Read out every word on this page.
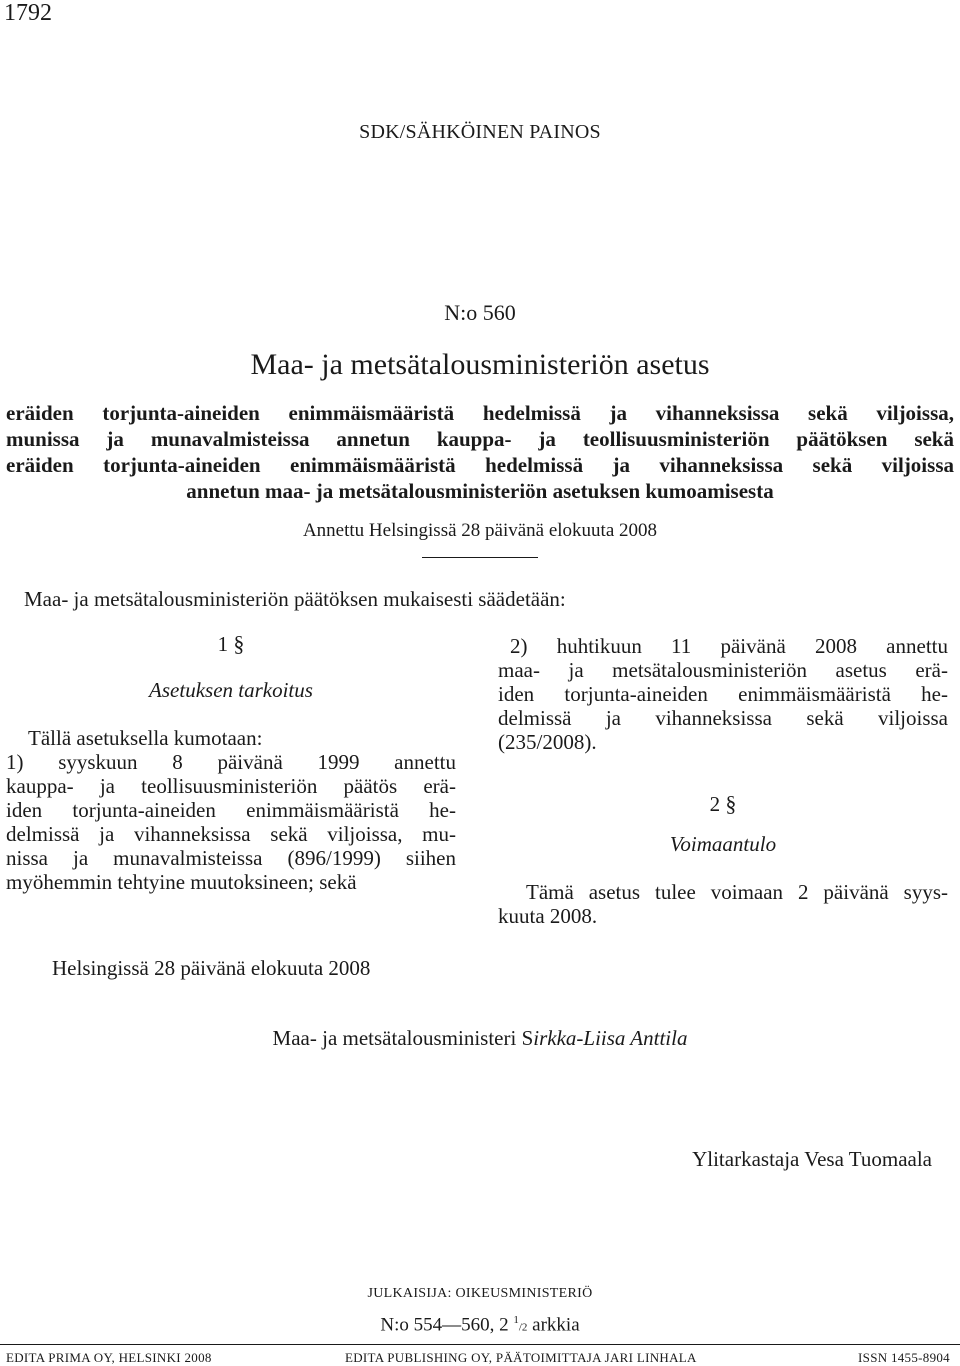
1792
SDK/SÄHKÖINEN PAINOS
N:o 560
Maa- ja metsätalousministeriön asetus
eräiden torjunta-aineiden enimmäismääristä hedelmissä ja vihanneksissa sekä viljoissa,
munissa ja munavalmisteissa annetun kauppa- ja teollisuusministeriön päätöksen sekä
eräiden torjunta-aineiden enimmäismääristä hedelmissä ja vihanneksissa sekä viljoissa
annetun maa- ja metsätalousministeriön asetuksen kumoamisesta
Annettu Helsingissä 28 päivänä elokuuta 2008
Maa- ja metsätalousministeriön päätöksen mukaisesti säädetään:

1 §

Asetuksen tarkoitus

Tällä asetuksella kumotaan:

1) syyskuun 8 päivänä 1999 annettu
kauppa- ja teollisuusministeriön päätös erä-
iden torjunta-aineiden enimmäismääristä he-
delmissä ja vihanneksissa sekä viljoissa, mu-
nissa ja munavalmisteissa (896/1999) siihen
myöhemmin tehtyine muutoksineen; sekä

2) huhtikuun 11 päivänä 2008 annettu
maa- ja metsätalousministeriön asetus erä-
iden torjunta-aineiden enimmäismääristä he-
delmissä ja vihanneksissa sekä viljoissa
(235/2008).

2 §

Voimaantulo

Tämä asetus tulee voimaan 2 päivänä syys-
kuuta 2008.

Helsingissä 28 päivänä elokuuta 2008
Maa- ja metsätalousministeri Sirkka-Liisa Anttila
Ylitarkastaja Vesa Tuomaala
JULKAISIJA: OIKEUSMINISTERIÖ
N:o 554—560, 2 $^1$/2 arkkia
EDITA PRIMA OY, HELSINKI 2008	EDITA PUBLISHING OY, PÄÄTOIMITTAJA JARI LINHALA	ISSN 1455-8904
